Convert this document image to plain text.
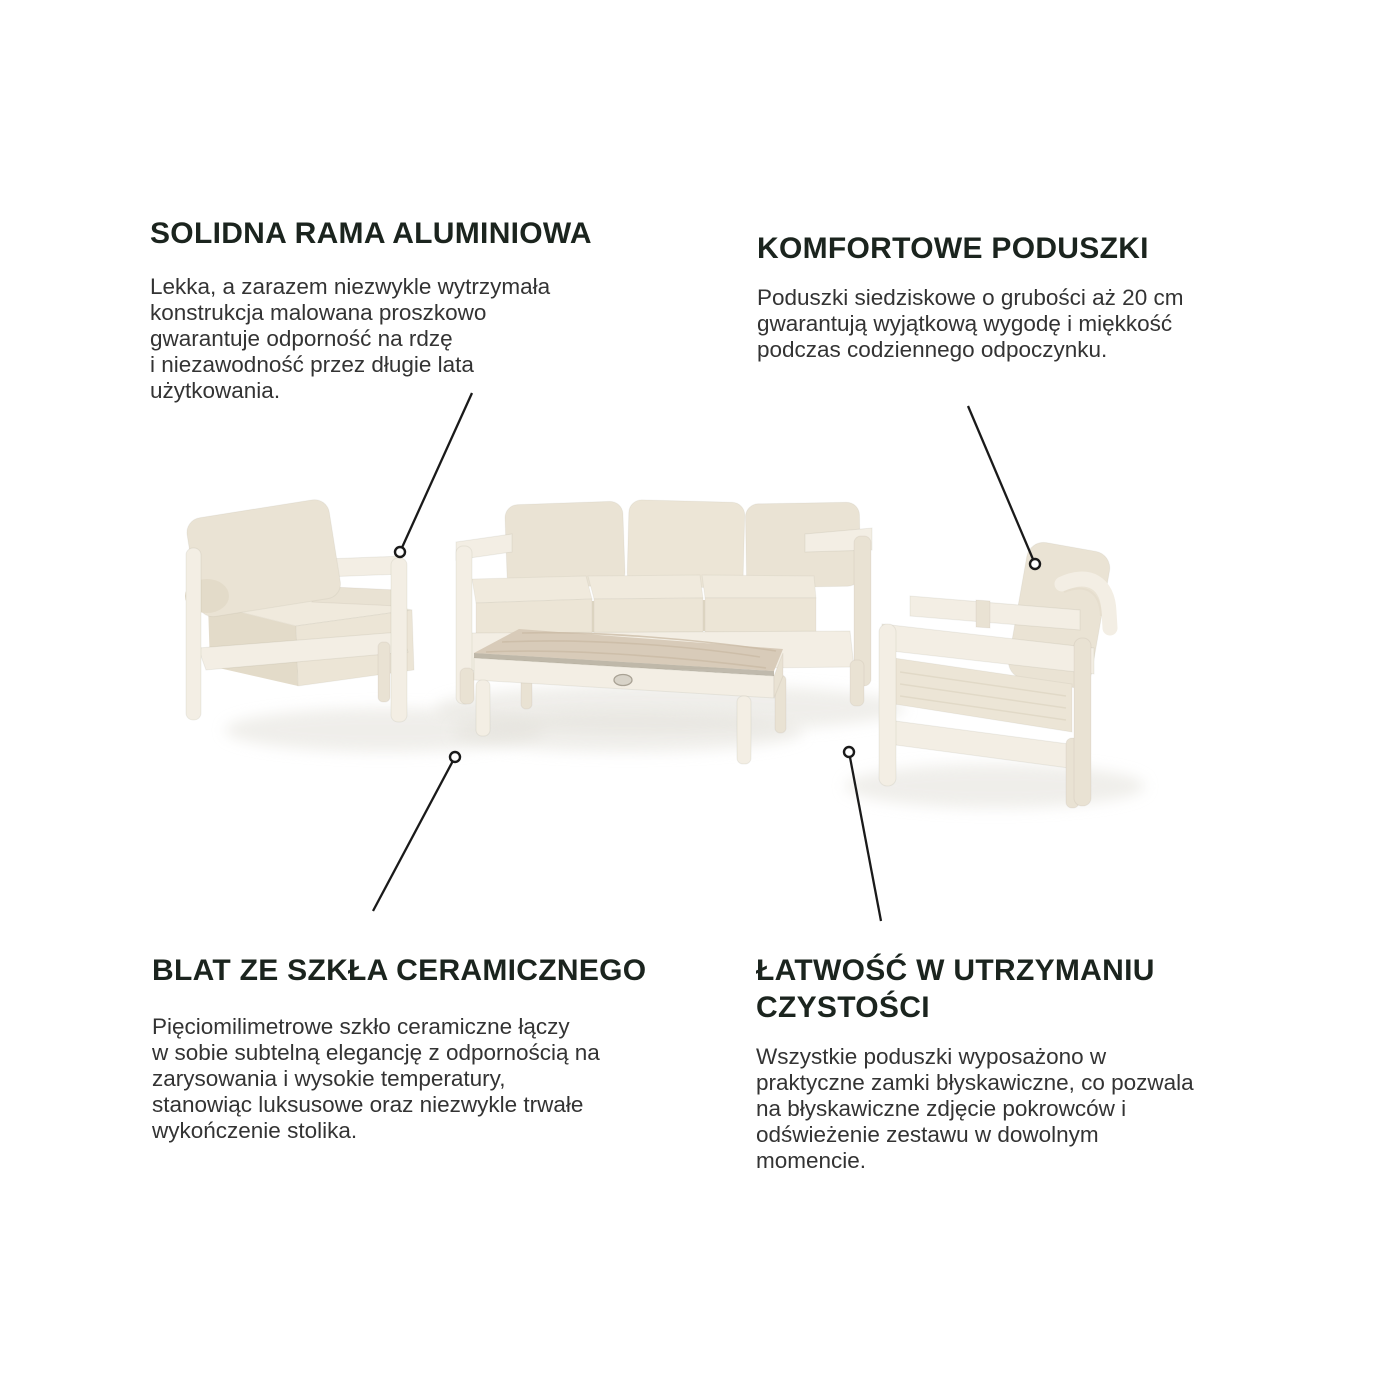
SOLIDNA RAMA ALUMINIOWA

Lekka, a zarazem niezwykle wytrzymała
konstrukcja malowana proszkowo
gwarantuje odporność na rdzę
i niezawodność przez długie lata
użytkowania.

KOMFORTOWE PODUSZKI

Poduszki siedziskowe o grubości aż 20 cm
gwarantują wyjątkową wygodę i miękkość
podczas codziennego odpoczynku.

BLAT ZE SZKŁA CERAMICZNEGO

Pięciomilimetrowe szkło ceramiczne łączy
w sobie subtelną elegancję z odpornością na
zarysowania i wysokie temperatury,
stanowiąc luksusowe oraz niezwykle trwałe
wykończenie stolika.

ŁATWOŚĆ W UTRZYMANIU
CZYSTOŚCI

Wszystkie poduszki wyposażono w
praktyczne zamki błyskawiczne, co pozwala
na błyskawiczne zdjęcie pokrowców i
odświeżenie zestawu w dowolnym
momencie.
